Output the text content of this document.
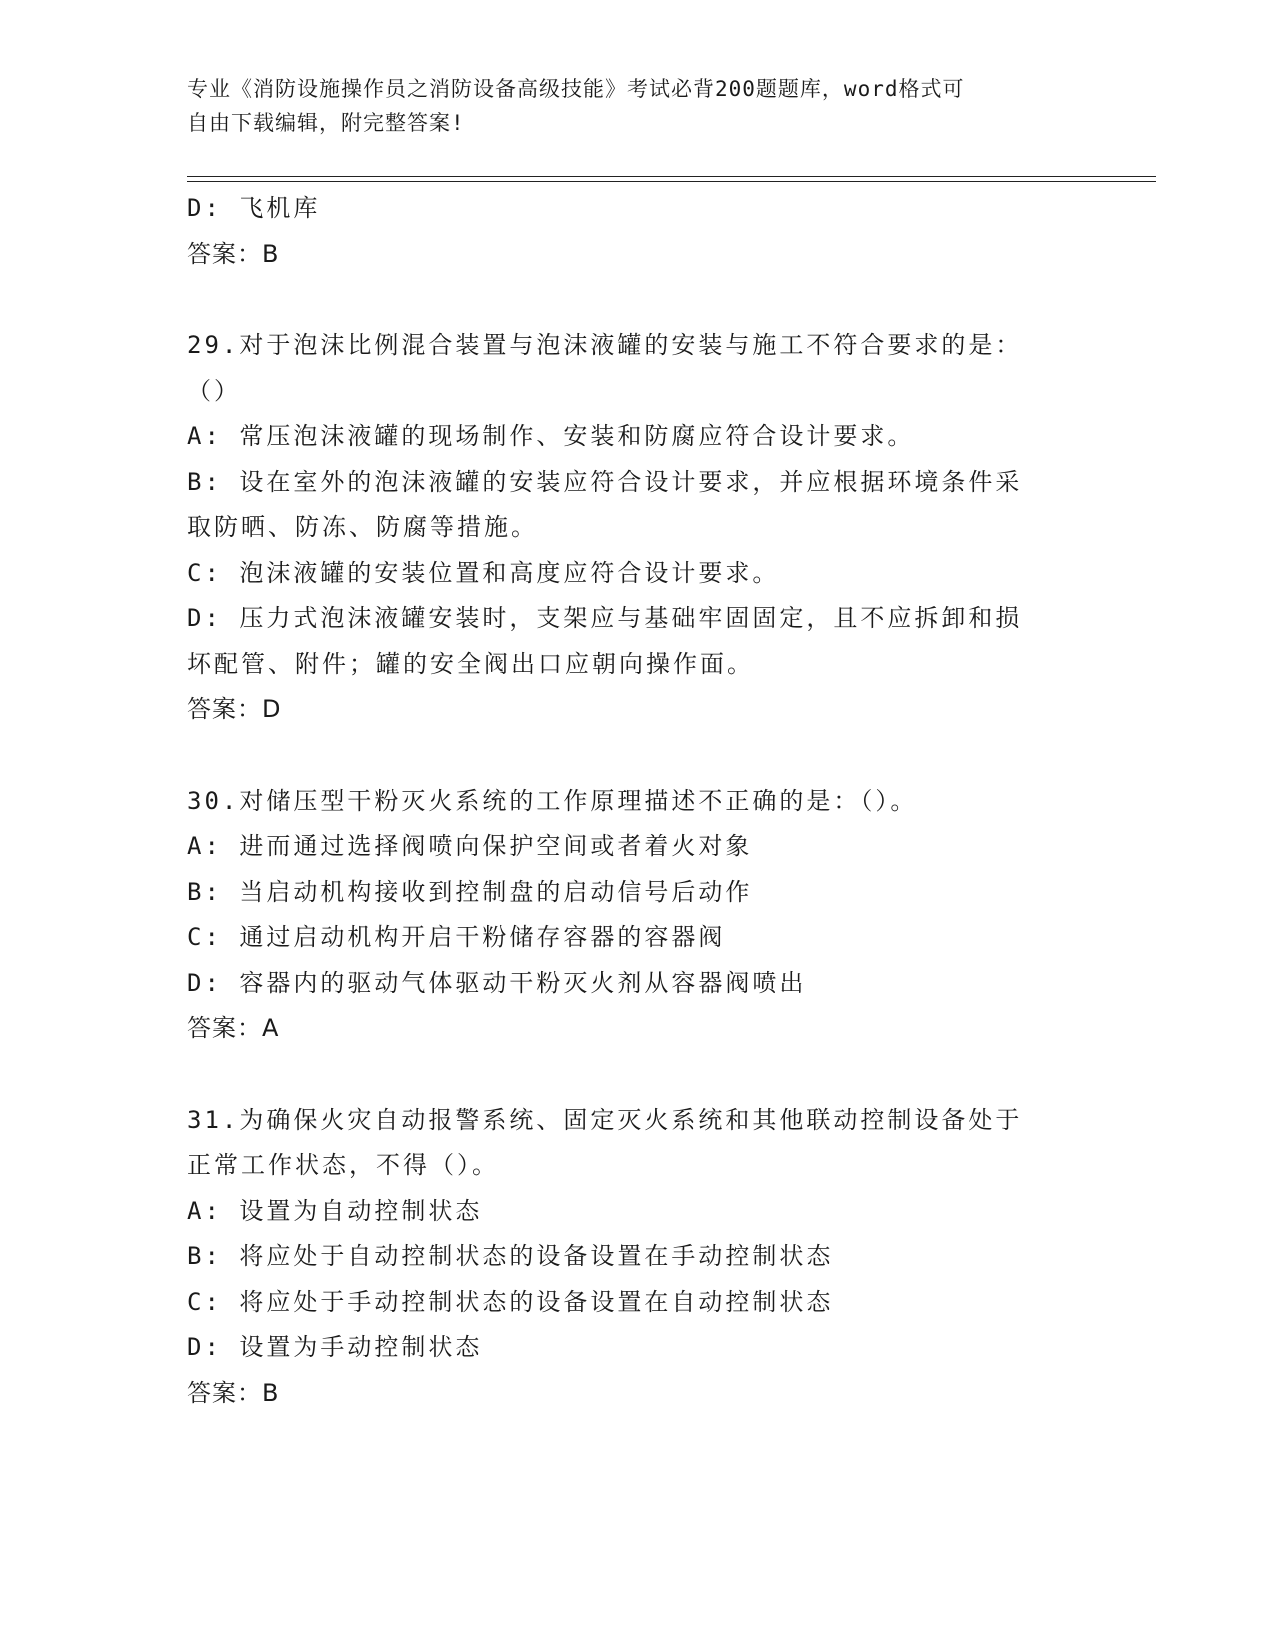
专业《消防设施操作员之消防设备高级技能》考试必背200题题库，word格式可
自由下载编辑，附完整答案!
D: 飞机库
答案：B
29.对于泡沫比例混合装置与泡沫液罐的安装与施工不符合要求的是：
（）
A: 常压泡沫液罐的现场制作、安装和防腐应符合设计要求。
B: 设在室外的泡沫液罐的安装应符合设计要求，并应根据环境条件采
取防晒、防冻、防腐等措施。
C: 泡沫液罐的安装位置和高度应符合设计要求。
D: 压力式泡沫液罐安装时，支架应与基础牢固固定，且不应拆卸和损
坏配管、附件；罐的安全阀出口应朝向操作面。
答案：D
30.对储压型干粉灭火系统的工作原理描述不正确的是：（）。
A: 进而通过选择阀喷向保护空间或者着火对象
B: 当启动机构接收到控制盘的启动信号后动作
C: 通过启动机构开启干粉储存容器的容器阀
D: 容器内的驱动气体驱动干粉灭火剂从容器阀喷出
答案：A
31.为确保火灾自动报警系统、固定灭火系统和其他联动控制设备处于
正常工作状态，不得（）。
A: 设置为自动控制状态
B: 将应处于自动控制状态的设备设置在手动控制状态
C: 将应处于手动控制状态的设备设置在自动控制状态
D: 设置为手动控制状态
答案：B
